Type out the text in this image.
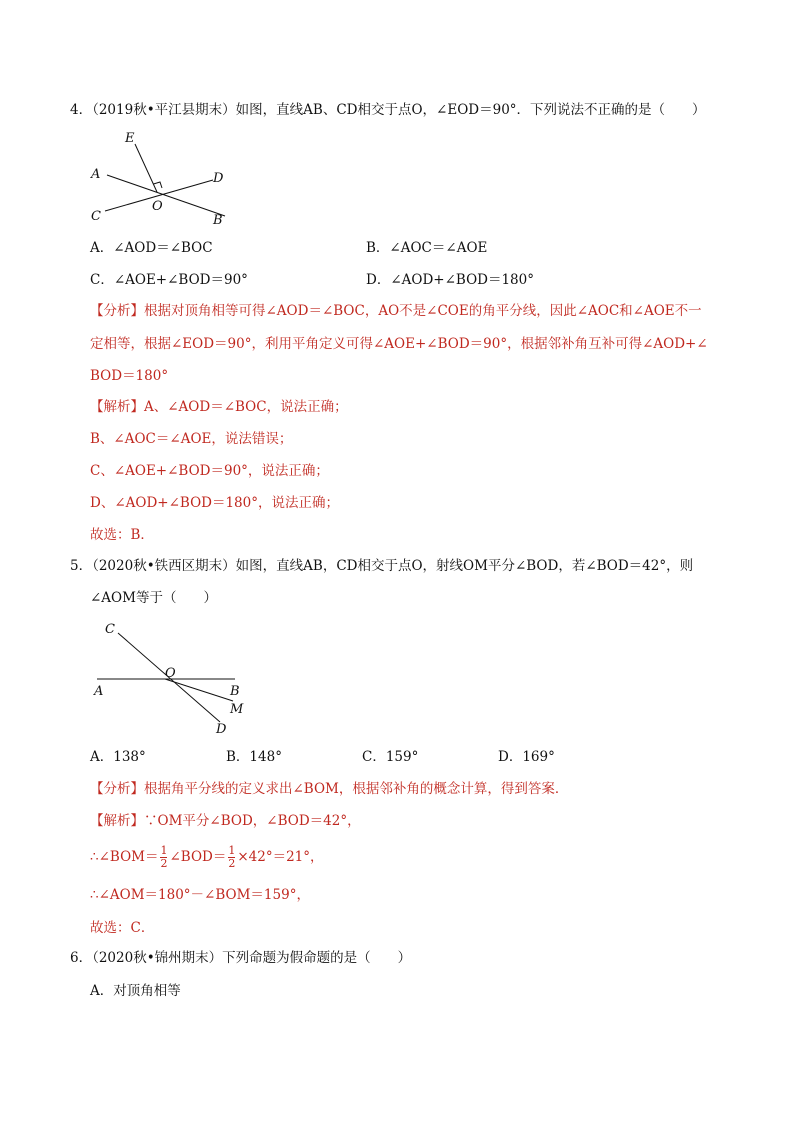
4．（2019秋•平江县期末）如图，直线AB、CD相交于点O，∠EOD＝90°．下列说法不正确的是（　　）
E
A	D
O
C	B
A．∠AOD＝∠BOC	B．∠AOC＝∠AOE
C．∠AOE+∠BOD＝90°	D．∠AOD+∠BOD＝180°
【分析】根据对顶角相等可得∠AOD＝∠BOC，AO不是∠COE的角平分线，因此∠AOC和∠AOE不一
定相等，根据∠EOD＝90°，利用平角定义可得∠AOE+∠BOD＝90°，根据邻补角互补可得∠AOD+∠
BOD＝180°
【解析】A、∠AOD＝∠BOC，说法正确；
B、∠AOC＝∠AOE，说法错误；
C、∠AOE+∠BOD＝90°，说法正确；
D、∠AOD+∠BOD＝180°，说法正确；
故选：B．
5．（2020秋•铁西区期末）如图，直线AB，CD相交于点O，射线OM平分∠BOD，若∠BOD＝42°，则
∠AOM等于（　　）
C
O
A	B
M
D
A．138°	B．148°	C．159°	D．169°
【分析】根据角平分线的定义求出∠BOM，根据邻补角的概念计算，得到答案．
【解析】∵OM平分∠BOD，∠BOD＝42°，
∴∠BOM＝ $\frac{1}{2}$ ∠BOD＝ $\frac{1}{2} \times 42^\circ=21^\circ$，
∴∠AOM＝180°－∠BOM＝159°，
故选：C．
6．（2020秋•锦州期末）下列命题为假命题的是（　　）
A．对顶角相等
